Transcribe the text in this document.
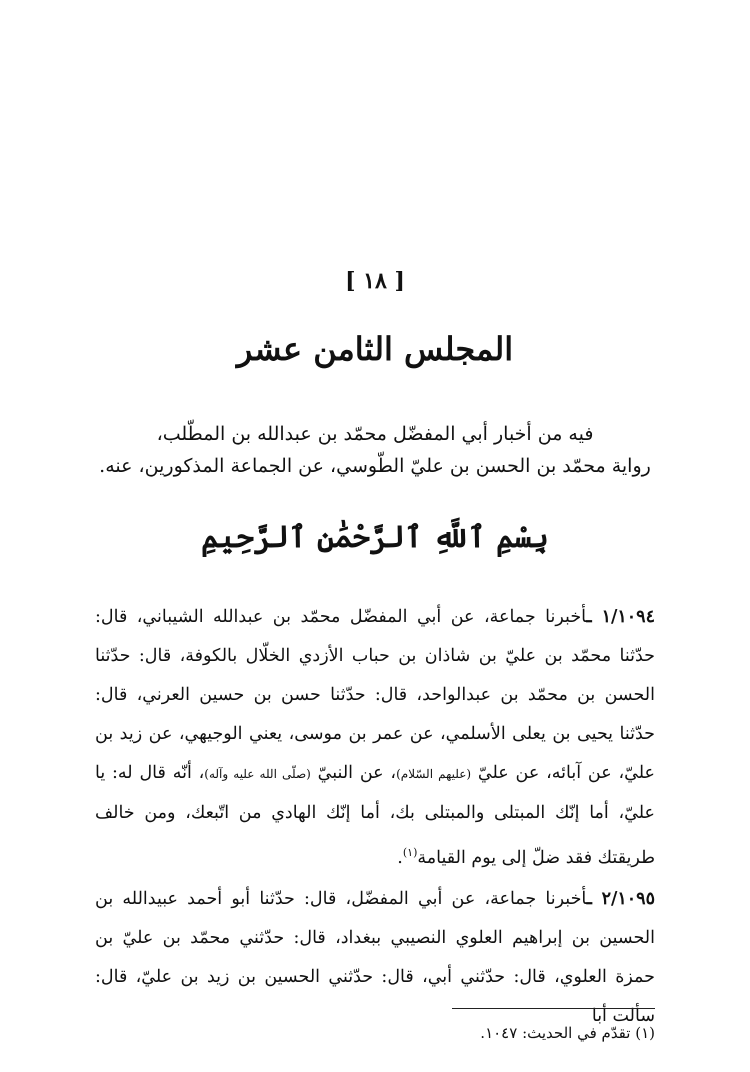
[ ١٨ ]
المجلس الثامن عشر
فيه من أخبار أبي المفضّل محمّد بن عبدالله بن المطّلب،
رواية محمّد بن الحسن بن عليّ الطّوسي، عن الجماعة المذكورين، عنه.
بِسْمِ ٱللَّهِ ٱلرَّحْمَٰنِ ٱلرَّحِيمِ

١/١٠٩٤ ـأخبرنا جماعة، عن أبي المفضّل محمّد بن عبدالله الشيباني، قال: حدّثنا محمّد بن عليّ بن شاذان بن حباب الأزدي الخلّال بالكوفة، قال: حدّثنا الحسن بن محمّد بن عبدالواحد، قال: حدّثنا حسن بن حسين العرني، قال: حدّثنا يحيى بن يعلى الأسلمي، عن عمر بن موسى، يعني الوجيهي، عن زيد بن عليّ، عن آبائه، عن عليّ (عليهم السّلام)، عن النبيّ (صلّى الله عليه وآله)، أنّه قال له: يا عليّ، أما إنّك المبتلى والمبتلى بك، أما إنّك الهادي من اتّبعك، ومن خالف طريقتك فقد ضلّ إلى يوم القيامة$^{(١)}$.

٢/١٠٩٥ ـأخبرنا جماعة، عن أبي المفضّل، قال: حدّثنا أبو أحمد عبيدالله بن الحسين بن إبراهيم العلوي النصيبي ببغداد، قال: حدّثني محمّد بن عليّ بن حمزة العلوي، قال: حدّثني أبي، قال: حدّثني الحسين بن زيد بن عليّ، قال: سألت أبا

(١) تقدّم في الحديث: ١٠٤٧.
